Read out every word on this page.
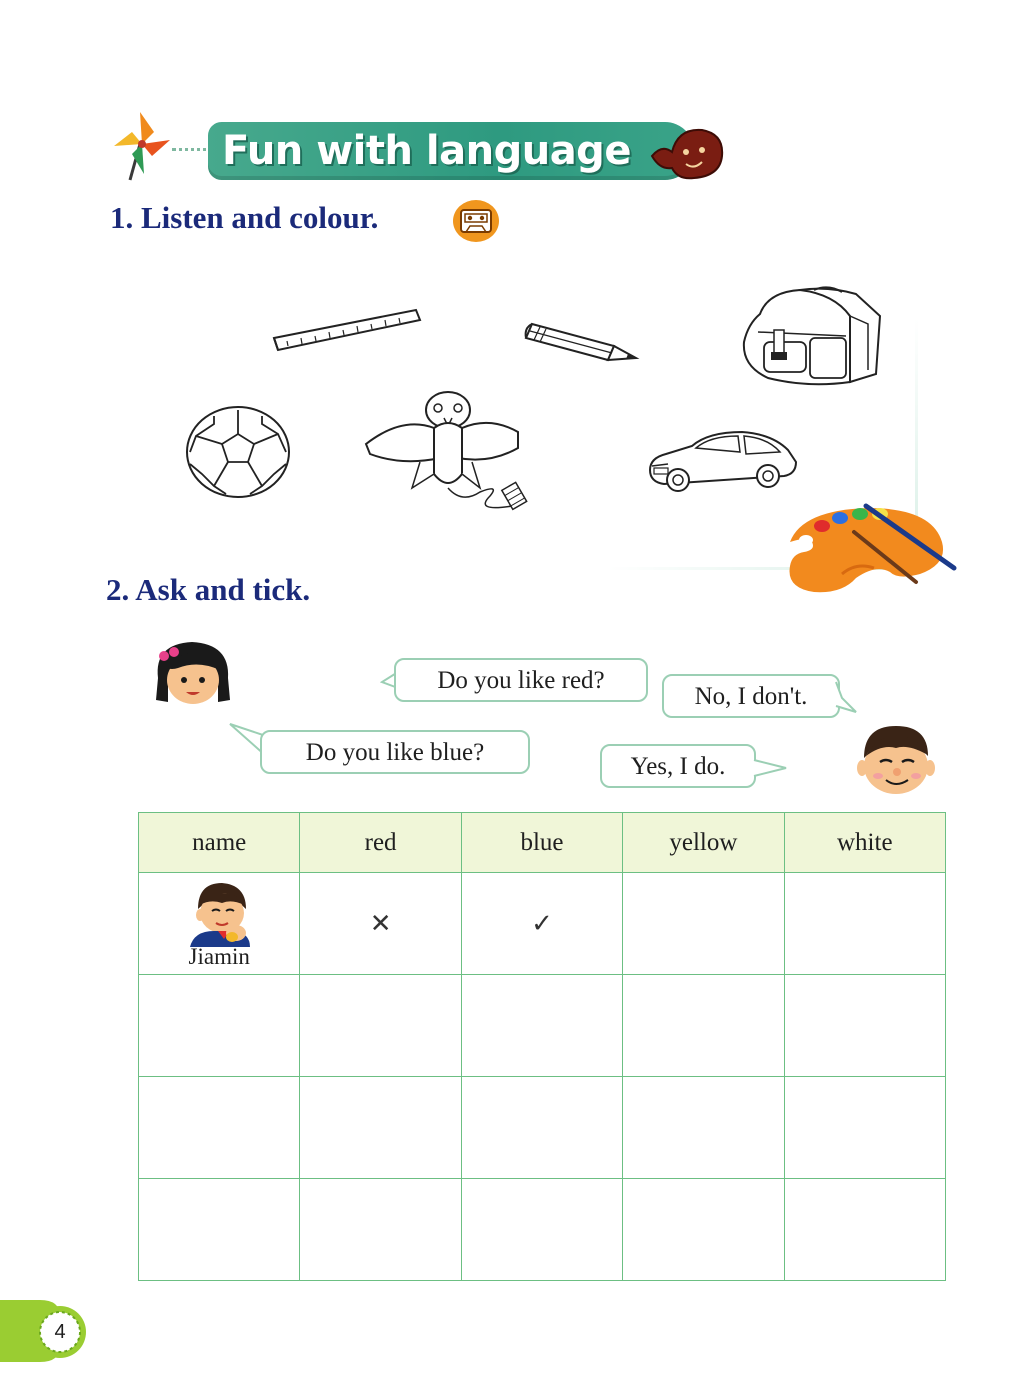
Fun with language
1. Listen and colour.
2. Ask and tick.
Do you like red?
No, I don't.
Do you like blue?
Yes, I do.
name	red	blue	yellow	white

Jiamin	✕	✓		

4
